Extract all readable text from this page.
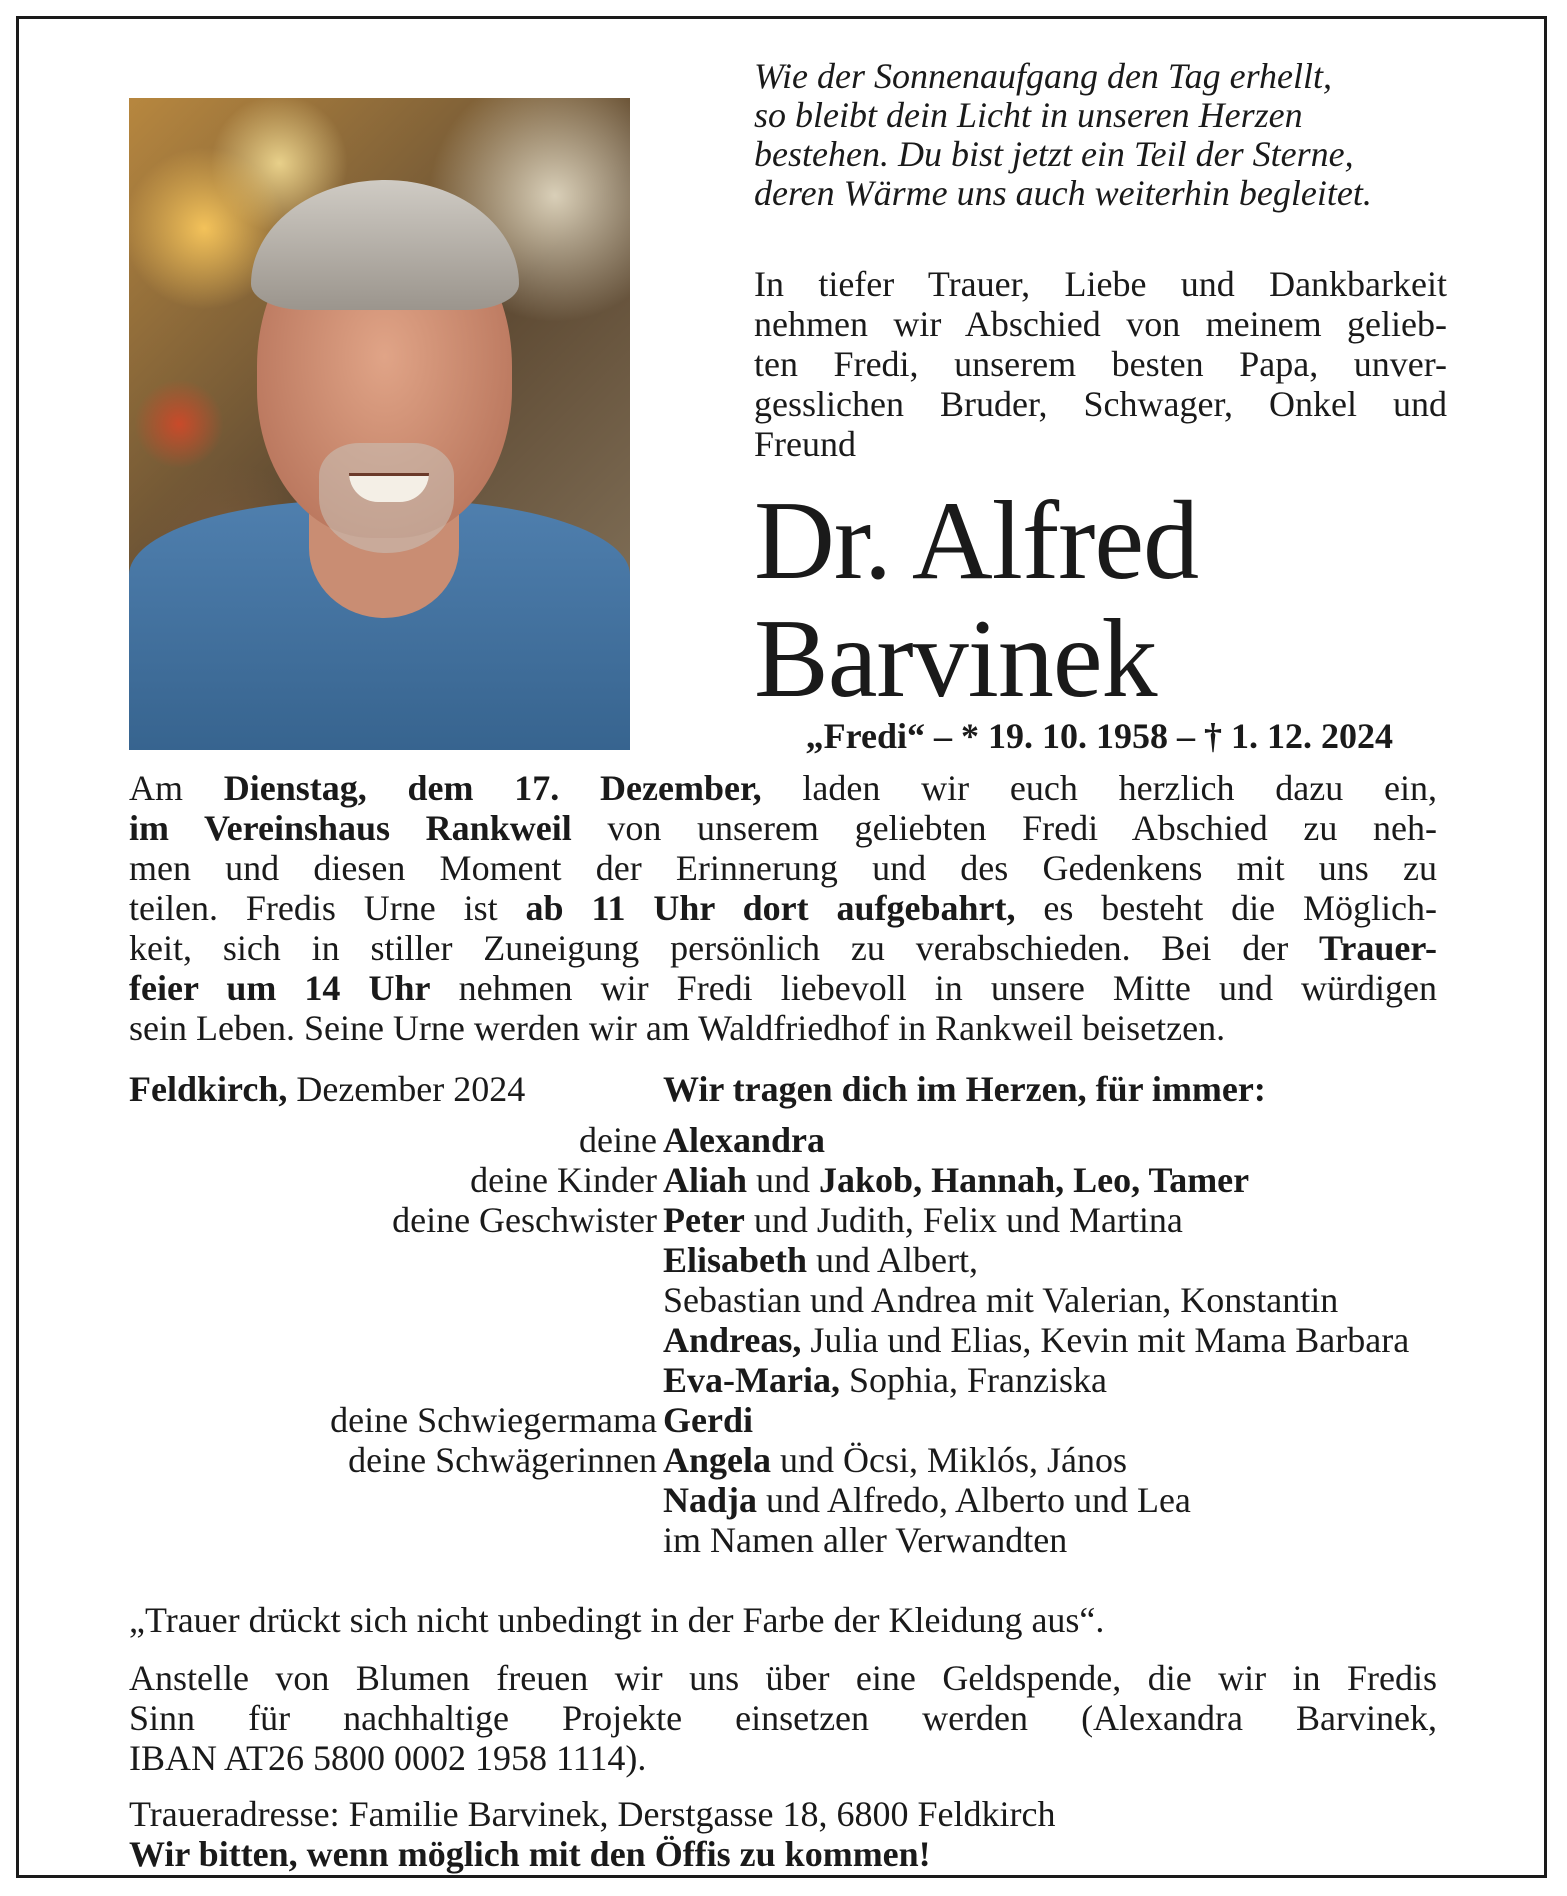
Wie der Sonnenaufgang den Tag erhellt,
so bleibt dein Licht in unseren Herzen
bestehen. Du bist jetzt ein Teil der Sterne,
deren Wärme uns auch weiterhin begleitet.
In tiefer Trauer, Liebe und Dankbarkeit
nehmen wir Abschied von meinem gelieb-
ten Fredi, unserem besten Papa, unver-
gesslichen Bruder, Schwager, Onkel und
Freund
Dr. Alfred
Barvinek
„Fredi“ – * 19. 10. 1958 – † 1. 12. 2024
Am Dienstag, dem 17. Dezember, laden wir euch herzlich dazu ein,
im Vereinshaus Rankweil von unserem geliebten Fredi Abschied zu neh-
men und diesen Moment der Erinnerung und des Gedenkens mit uns zu
teilen. Fredis Urne ist ab 11 Uhr dort aufgebahrt, es besteht die Möglich-
keit, sich in stiller Zuneigung persönlich zu verabschieden. Bei der Trauer-
feier um 14 Uhr nehmen wir Fredi liebevoll in unsere Mitte und würdigen
sein Leben. Seine Urne werden wir am Waldfriedhof in Rankweil beisetzen.
Feldkirch, Dezember 2024	Wir tragen dich im Herzen, für immer:
deine Alexandra
deine Kinder Aliah und Jakob, Hannah, Leo, Tamer
deine Geschwister Peter und Judith, Felix und Martina
Elisabeth und Albert,
Sebastian und Andrea mit Valerian, Konstantin
Andreas, Julia und Elias, Kevin mit Mama Barbara
Eva-Maria, Sophia, Franziska
deine Schwiegermama Gerdi
deine Schwägerinnen Angela und Öcsi, Miklós, János
Nadja und Alfredo, Alberto und Lea
im Namen aller Verwandten
„Trauer drückt sich nicht unbedingt in der Farbe der Kleidung aus“.
Anstelle von Blumen freuen wir uns über eine Geldspende, die wir in Fredis
Sinn für nachhaltige Projekte einsetzen werden (Alexandra Barvinek,
IBAN AT26 5800 0002 1958 1114).
Traueradresse: Familie Barvinek, Derstgasse 18, 6800 Feldkirch
Wir bitten, wenn möglich mit den Öffis zu kommen!
